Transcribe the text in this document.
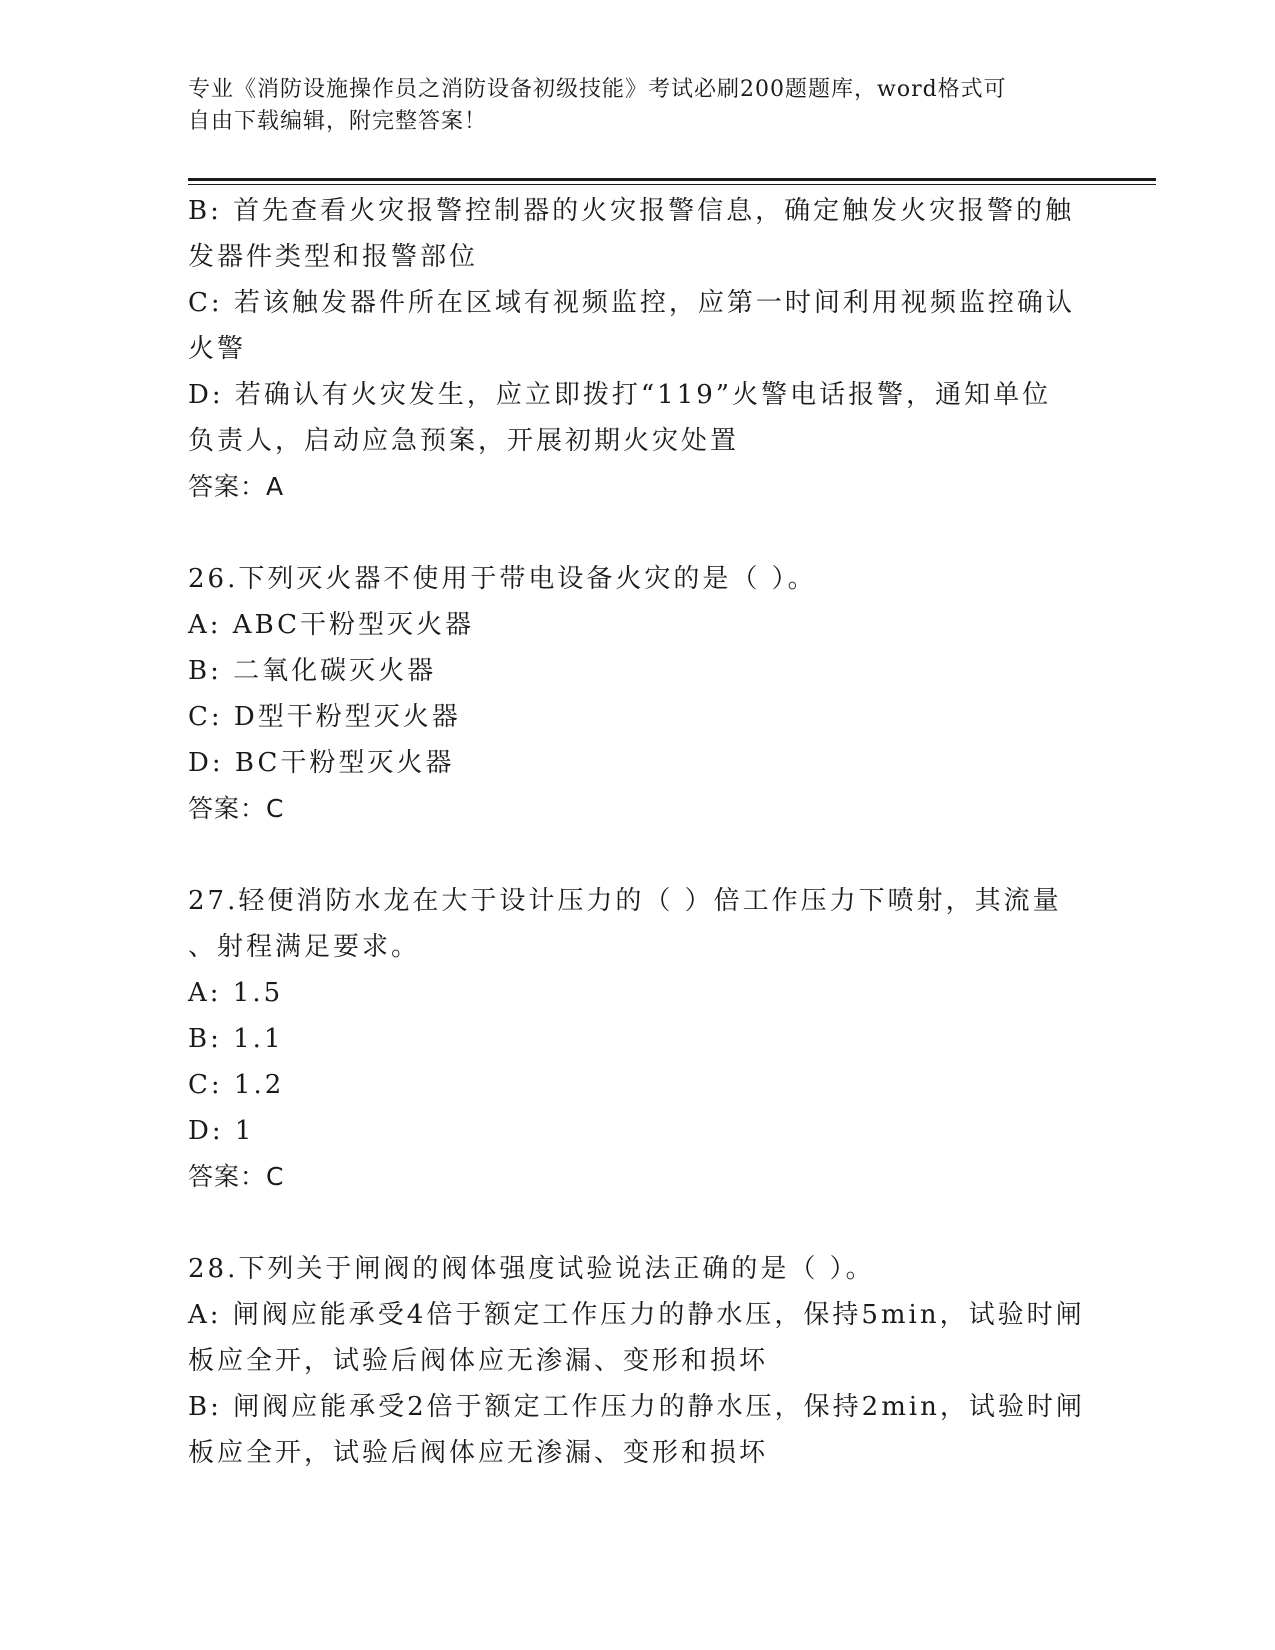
专业《消防设施操作员之消防设备初级技能》考试必刷200题题库，word格式可
自由下载编辑，附完整答案！
B: 首先查看火灾报警控制器的火灾报警信息，确定触发火灾报警的触
发器件类型和报警部位
C: 若该触发器件所在区域有视频监控，应第一时间利用视频监控确认
火警
D: 若确认有火灾发生，应立即拨打“119”火警电话报警，通知单位
负责人，启动应急预案，开展初期火灾处置
答案：A
26.下列灭火器不使用于带电设备火灾的是（ ）。
A: ABC干粉型灭火器
B: 二氧化碳灭火器
C: D型干粉型灭火器
D: BC干粉型灭火器
答案：C
27.轻便消防水龙在大于设计压力的（ ）倍工作压力下喷射，其流量
、射程满足要求。
A: 1.5
B: 1.1
C: 1.2
D: 1
答案：C
28.下列关于闸阀的阀体强度试验说法正确的是（ ）。
A: 闸阀应能承受4倍于额定工作压力的静水压，保持5min，试验时闸
板应全开，试验后阀体应无渗漏、变形和损坏
B: 闸阀应能承受2倍于额定工作压力的静水压，保持2min，试验时闸
板应全开，试验后阀体应无渗漏、变形和损坏
